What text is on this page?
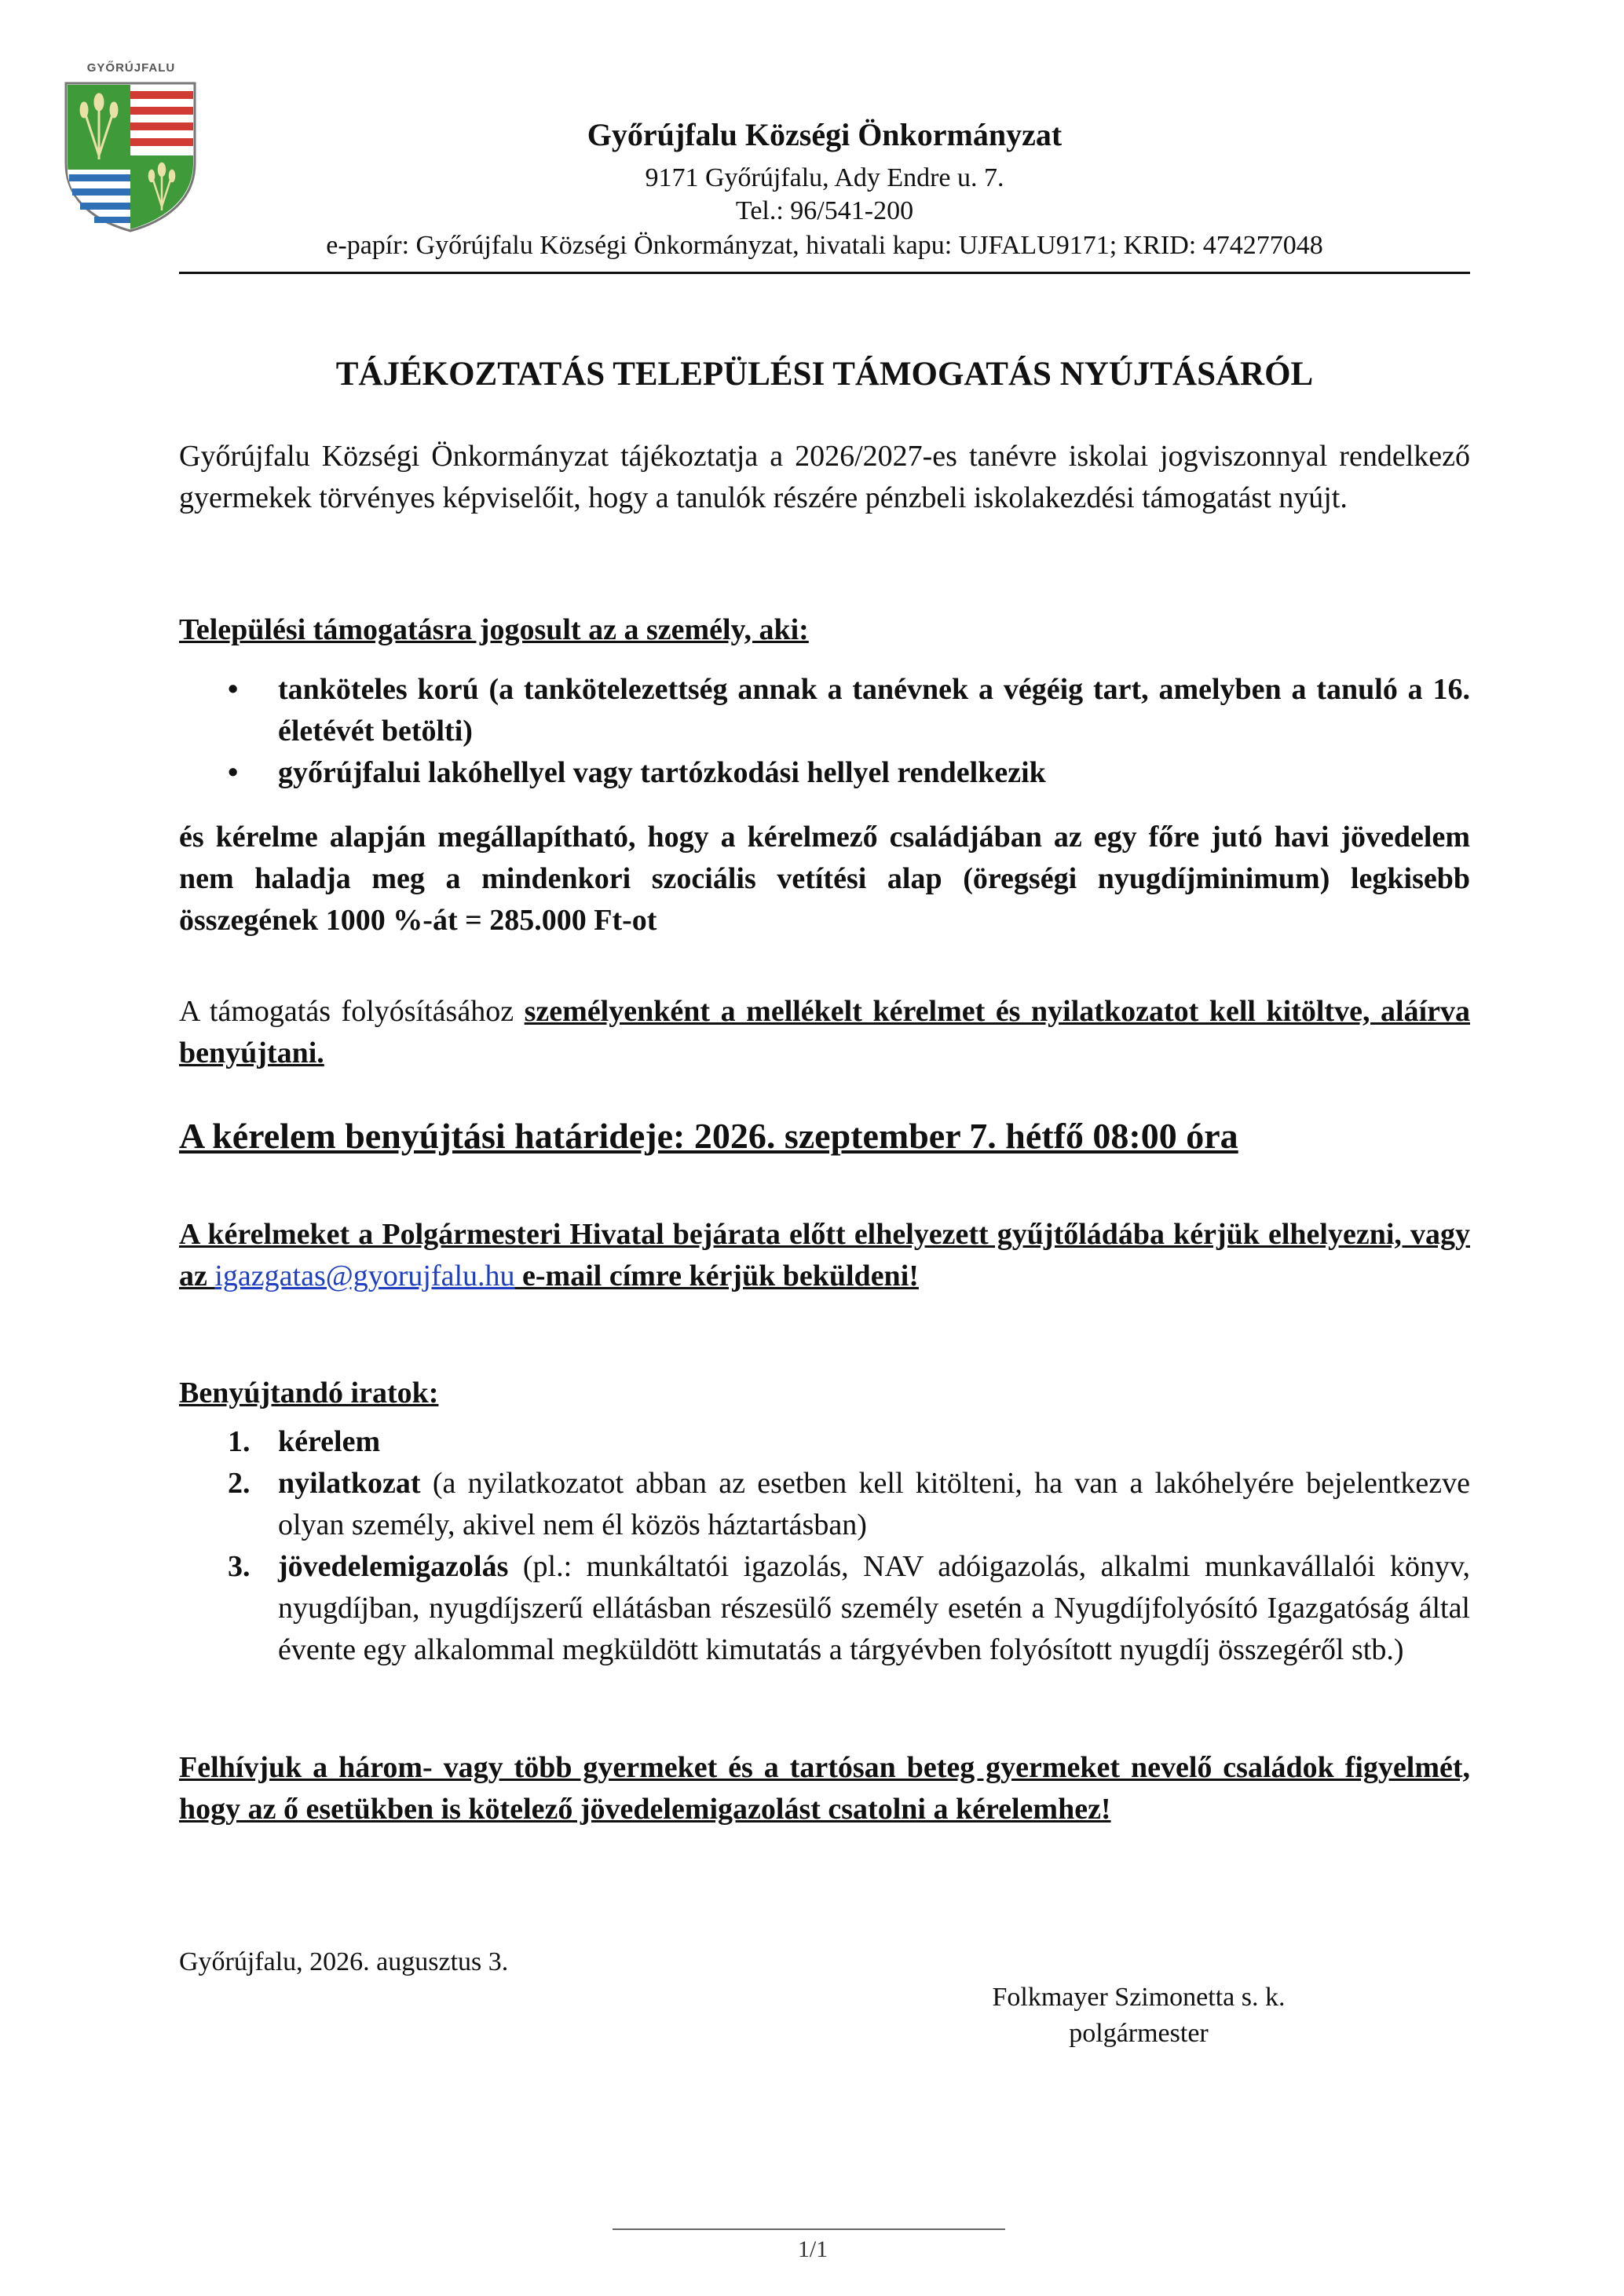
GYŐRÚJFALU
Győrújfalu Községi Önkormányzat
9171 Győrújfalu, Ady Endre u. 7.
Tel.: 96/541-200
e-papír: Győrújfalu Községi Önkormányzat, hivatali kapu: UJFALU9171; KRID: 474277048
TÁJÉKOZTATÁS TELEPÜLÉSI TÁMOGATÁS NYÚJTÁSÁRÓL
Győrújfalu Községi Önkormányzat tájékoztatja a 2026/2027-es tanévre iskolai jogviszonnyal rendelkező gyermekek törvényes képviselőit, hogy a tanulók részére pénzbeli iskolakezdési támogatást nyújt.
Települési támogatásra jogosult az a személy, aki:
• tanköteles korú (a tankötelezettség annak a tanévnek a végéig tart, amelyben a tanuló a 16. életévét betölti)
• győrújfalui lakóhellyel vagy tartózkodási hellyel rendelkezik
és kérelme alapján megállapítható, hogy a kérelmező családjában az egy főre jutó havi jövedelem nem haladja meg a mindenkori szociális vetítési alap (öregségi nyugdíjminimum) legkisebb összegének 1000 %-át = 285.000 Ft-ot
A támogatás folyósításához személyenként a mellékelt kérelmet és nyilatkozatot kell kitöltve, aláírva benyújtani.
A kérelem benyújtási határideje: 2026. szeptember 7. hétfő 08:00 óra
A kérelmeket a Polgármesteri Hivatal bejárata előtt elhelyezett gyűjtőládába kérjük elhelyezni, vagy az igazgatas@gyorujfalu.hu e-mail címre kérjük beküldeni!
Benyújtandó iratok:
1. kérelem
2. nyilatkozat (a nyilatkozatot abban az esetben kell kitölteni, ha van a lakóhelyére bejelentkezve olyan személy, akivel nem él közös háztartásban)
3. jövedelemigazolás (pl.: munkáltatói igazolás, NAV adóigazolás, alkalmi munkavállalói könyv, nyugdíjban, nyugdíjszerű ellátásban részesülő személy esetén a Nyugdíjfolyósító Igazgatóság által évente egy alkalommal megküldött kimutatás a tárgyévben folyósított nyugdíj összegéről stb.)
Felhívjuk a három- vagy több gyermeket és a tartósan beteg gyermeket nevelő családok figyelmét, hogy az ő esetükben is kötelező jövedelemigazolást csatolni a kérelemhez!
Győrújfalu, 2026. augusztus 3.
Folkmayer Szimonetta s. k.
polgármester
1/1
